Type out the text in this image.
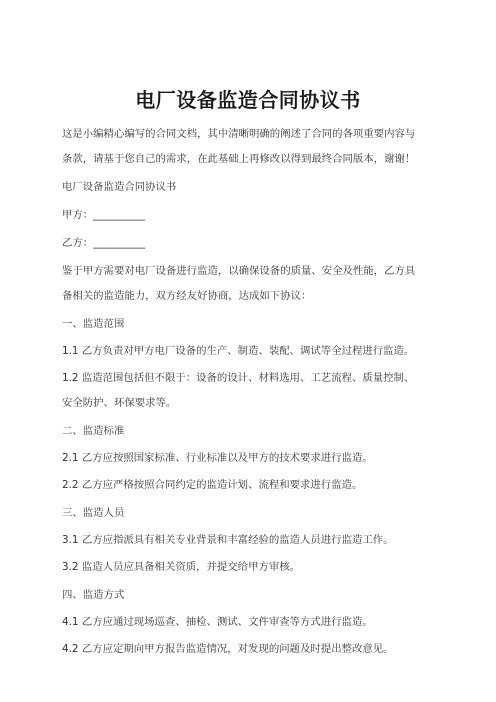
电厂设备监造合同协议书
这是小编精心编写的合同文档，其中清晰明确的阐述了合同的各项重要内容与
条款，请基于您自己的需求，在此基础上再修改以得到最终合同版本，谢谢！
电厂设备监造合同协议书
甲方：__________
乙方：__________
鉴于甲方需要对电厂设备进行监造，以确保设备的质量、安全及性能，乙方具
备相关的监造能力，双方经友好协商，达成如下协议：
一、监造范围
1.1 乙方负责对甲方电厂设备的生产、制造、装配、调试等全过程进行监造。
1.2 监造范围包括但不限于：设备的设计、材料选用、工艺流程、质量控制、
安全防护、环保要求等。
二、监造标准
2.1 乙方应按照国家标准、行业标准以及甲方的技术要求进行监造。
2.2 乙方应严格按照合同约定的监造计划、流程和要求进行监造。
三、监造人员
3.1 乙方应指派具有相关专业背景和丰富经验的监造人员进行监造工作。
3.2 监造人员应具备相关资质，并提交给甲方审核。
四、监造方式
4.1 乙方应通过现场巡查、抽检、测试、文件审查等方式进行监造。
4.2 乙方应定期向甲方报告监造情况，对发现的问题及时提出整改意见。
